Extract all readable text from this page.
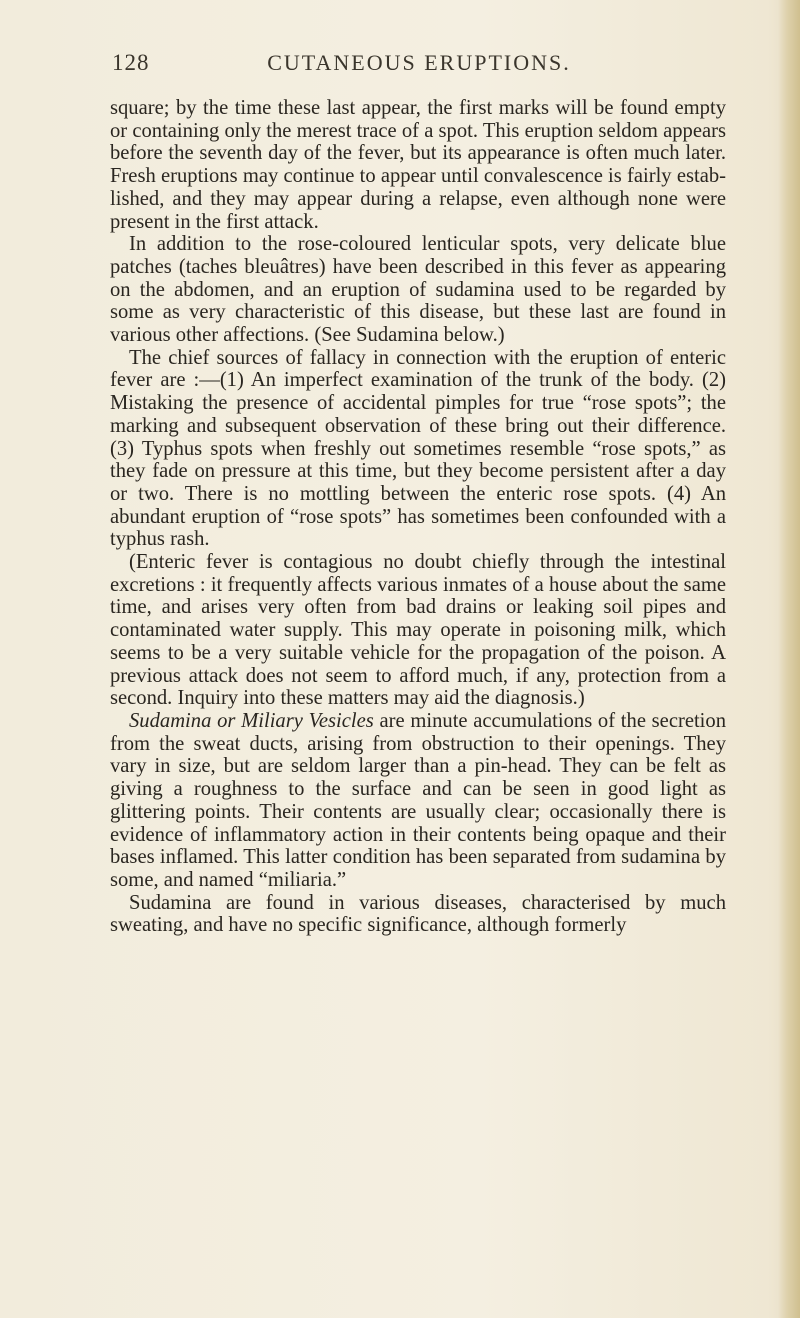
128	CUTANEOUS ERUPTIONS.

square; by the time these last appear, the first marks will be found empty or containing only the merest trace of a spot. This eruption seldom appears before the seventh day of the fever, but its appearance is often much later. Fresh eruptions may continue to appear until convalescence is fairly established, and they may appear during a relapse, even although none were present in the first attack.

In addition to the rose-coloured lenticular spots, very delicate blue patches (taches bleuâtres) have been described in this fever as appearing on the abdomen, and an eruption of sudamina used to be regarded by some as very characteristic of this disease, but these last are found in various other affections. (See Sudamina below.)

The chief sources of fallacy in connection with the eruption of enteric fever are :—(1) An imperfect examination of the trunk of the body. (2) Mistaking the presence of accidental pimples for true “rose spots”; the marking and subsequent observation of these bring out their difference. (3) Typhus spots when freshly out sometimes resemble “rose spots,” as they fade on pressure at this time, but they become persistent after a day or two. There is no mottling between the enteric rose spots. (4) An abundant eruption of “rose spots” has sometimes been confounded with a typhus rash.

(Enteric fever is contagious no doubt chiefly through the intestinal excretions : it frequently affects various inmates of a house about the same time, and arises very often from bad drains or leaking soil pipes and contaminated water supply. This may operate in poisoning milk, which seems to be a very suitable vehicle for the propagation of the poison. A previous attack does not seem to afford much, if any, protection from a second. Inquiry into these matters may aid the diagnosis.)

Sudamina or Miliary Vesicles are minute accumulations of the secretion from the sweat ducts, arising from obstruction to their openings. They vary in size, but are seldom larger than a pin-head. They can be felt as giving a roughness to the surface and can be seen in good light as glittering points. Their contents are usually clear; occasionally there is evidence of inflammatory action in their contents being opaque and their bases inflamed. This latter condition has been separated from sudamina by some, and named “miliaria.”

Sudamina are found in various diseases, characterised by much sweating, and have no specific significance, although formerly
